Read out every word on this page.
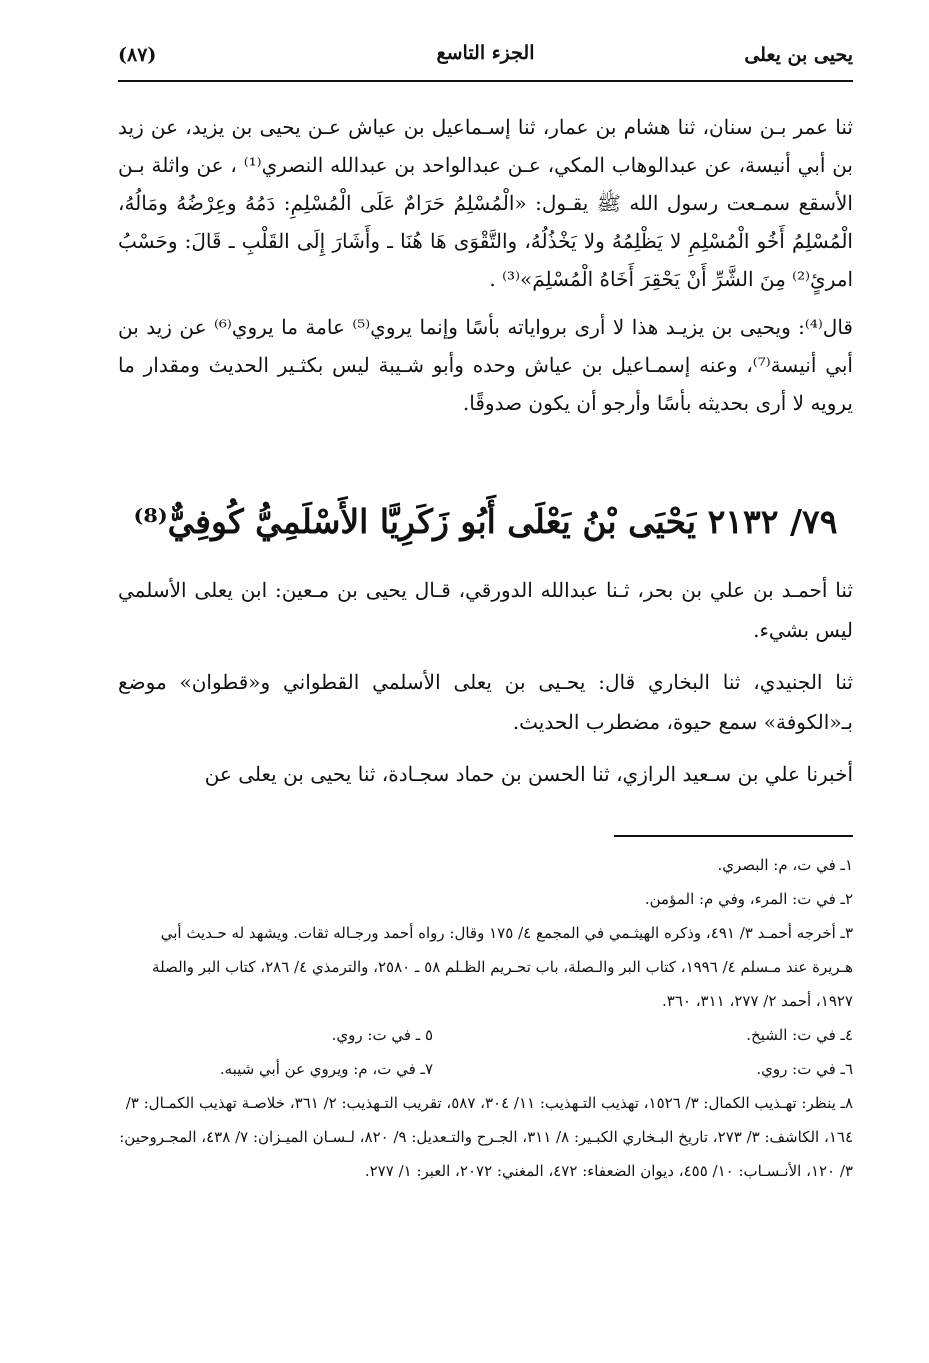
يحيى بن يعلى
الجزء التاسع
(٨٧)

ثنا عمر بـن سنان، ثنا هشام بن عمار، ثنا إسـماعيل بن عياش عـن يحيى بن يزيد، عن زيد بن أبي أنيسة، عن عبدالوهاب المكي، عـن عبدالواحد بن عبدالله النصري⁽¹⁾ ، عن واثلة بـن الأسقع سمـعت رسول الله ﷺ يقـول: «الْمُسْلِمُ حَرَامٌ عَلَى الْمُسْلِمِ: دَمُهُ وعِرْضُهُ ومَالُهُ، الْمُسْلِمُ أَخُو الْمُسْلِمِ لا يَظْلِمُهُ ولا يَخْذُلُهُ، والتَّقْوَى هَا هُنَا ـ وأَشَارَ إِلَى القَلْبِ ـ قَالَ: وحَسْبُ امرئٍ⁽²⁾ مِنَ الشَّرِّ أَنْ يَحْقِرَ أَخَاهُ الْمُسْلِمَ»⁽³⁾ .

قال⁽⁴⁾: ويحيى بن يزيـد هذا لا أرى برواياته بأسًا وإنما يروي⁽⁵⁾ عامة ما يروي⁽⁶⁾ عن زيد بن أبي أنيسة⁽⁷⁾، وعنه إسمـاعيل بن عياش وحده وأبو شـيبة ليس بكثـير الحديث ومقدار ما يرويه لا أرى بحديثه بأسًا وأرجو أن يكون صدوقًا.

٧٩/ ٢١٣٢ يَحْيَى بْنُ يَعْلَى أَبُو زَكَرِيَّا الأَسْلَمِيُّ كُوفِيٌّ⁽⁸⁾

ثنا أحمـد بن علي بن بحر، ثـنا عبدالله الدورقي، قـال يحيى بن مـعين: ابن يعلى الأسلمي ليس بشيء.

ثنا الجنيدي، ثنا البخاري قال: يحـيى بن يعلى الأسلمي القطواني و«قطوان» موضع بـ«الكوفة» سمع حيوة، مضطرب الحديث.

أخبرنا علي بن سـعيد الرازي، ثنا الحسن بن حماد سجـادة، ثنا يحيى بن يعلى عن

١ـ في ت، م: البصري.

٢ـ في ت: المرء، وفي م: المؤمن.

٣ـ أخرجه أحمـد ٣/ ٤٩١، وذكره الهيثـمي في المجمع ٤/ ١٧٥ وقال: رواه أحمد ورجـاله ثقات. ويشهد له حـديث أبي هـريرة عند مـسلم ٤/ ١٩٩٦، كتاب البر والـصلة، باب تحـريم الظـلم ٥٨ ـ ٢٥٨٠، والترمذي ٤/ ٢٨٦، كتاب البر والصلة ١٩٢٧، أحمد ٢/ ٢٧٧، ٣١١، ٣٦٠.

٤ـ في ت: الشيخ.
٥ ـ في ت: روي.
٦ـ في ت: روي.
٧ـ في ت، م: ويروي عن أبي شيبه.

٨ـ ينظر: تهـذيب الكمال: ٣/ ١٥٢٦، تهذيب التـهذيب: ١١/ ٣٠٤، ٥٨٧، تقريب التـهذيب: ٢/ ٣٦١، خلاصـة تهذيب الكمـال: ٣/ ١٦٤، الكاشف: ٣/ ٢٧٣، تاريخ البـخاري الكبـير: ٨/ ٣١١، الجـرح والتـعديل: ٩/ ٨٢٠، لـسـان الميـزان: ٧/ ٤٣٨، المجـروحين: ٣/ ١٢٠، الأنـسـاب: ١٠/ ٤٥٥، ديوان الضعفاء: ٤٧٢، المغني: ٢٠٧٢، العبر: ١/ ٢٧٧.
